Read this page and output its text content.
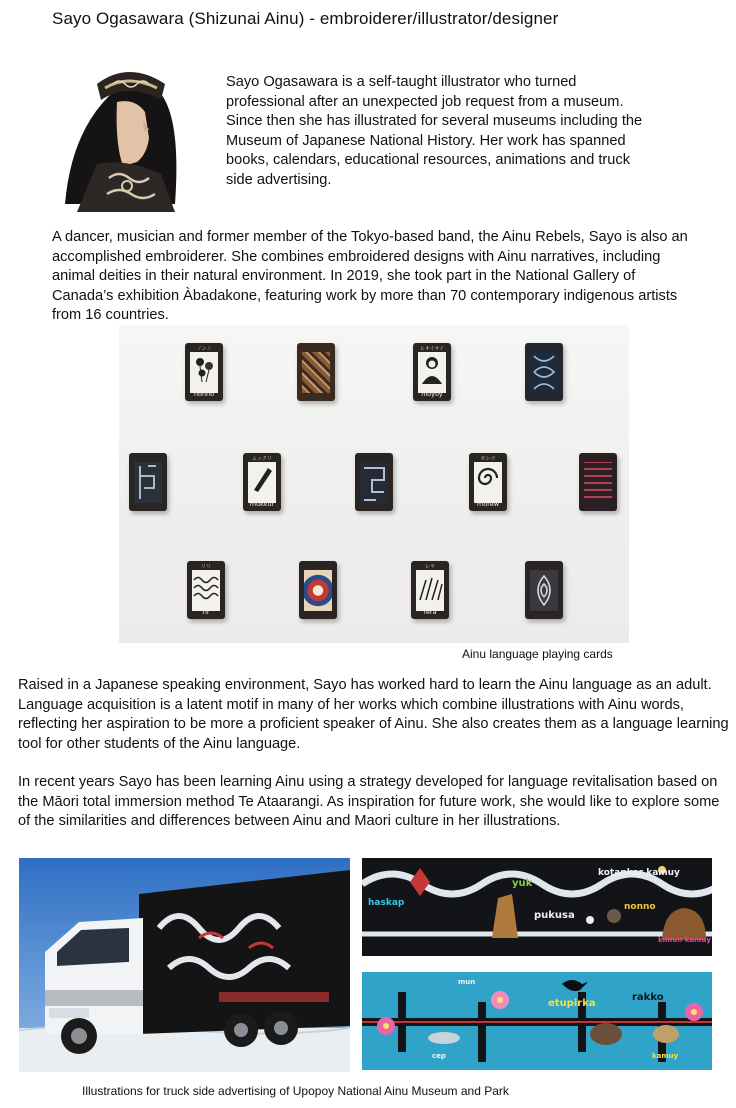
Sayo Ogasawara (Shizunai Ainu) - embroiderer/illustrator/designer
Sayo Ogasawara is a self-taught illustrator who turned professional after an unexpected job request from a museum. Since then she has illustrated for several museums including the Museum of Japanese National History. Her work has spanned books, calendars, educational resources, animations and truck side advertising.
A dancer, musician and former member of the Tokyo-based band, the Ainu Rebels, Sayo is also an accomplished embroiderer. She combines embroidered designs with Ainu narratives, including animal deities in their natural environment. In 2019, she took part in the National Gallery of Canada’s exhibition Àbadakone, featuring work by more than 70 contemporary indigenous artists from 16 countries.
ノンノ
nonno
ヒオイオイ
hioyoy
ムックリ
mukkur
モレウ
morew
リリ
rir
レラ
rera
Ainu language playing cards
Raised in a Japanese speaking environment, Sayo has worked hard to learn the Ainu language as an adult. Language acquisition is a latent motif in many of her works which combine illustrations with Ainu words, reflecting her aspiration to be more a proficient speaker of Ainu. She also creates them as a language learning tool for other students of the Ainu language.
In recent years Sayo has been learning Ainu using a strategy developed for language revitalisation based on the Māori total immersion method Te Ataarangi. As inspiration for future work, she would like to explore some of the similarities and differences between Ainu and Maori culture in her illustrations.
haskap
yuk
pukusa
kotankor kamuy
nonno
kimun kamuy
etupirka
rakko
mun
cep	kamuy
Illustrations for truck side advertising of Upopoy National Ainu Museum and Park
